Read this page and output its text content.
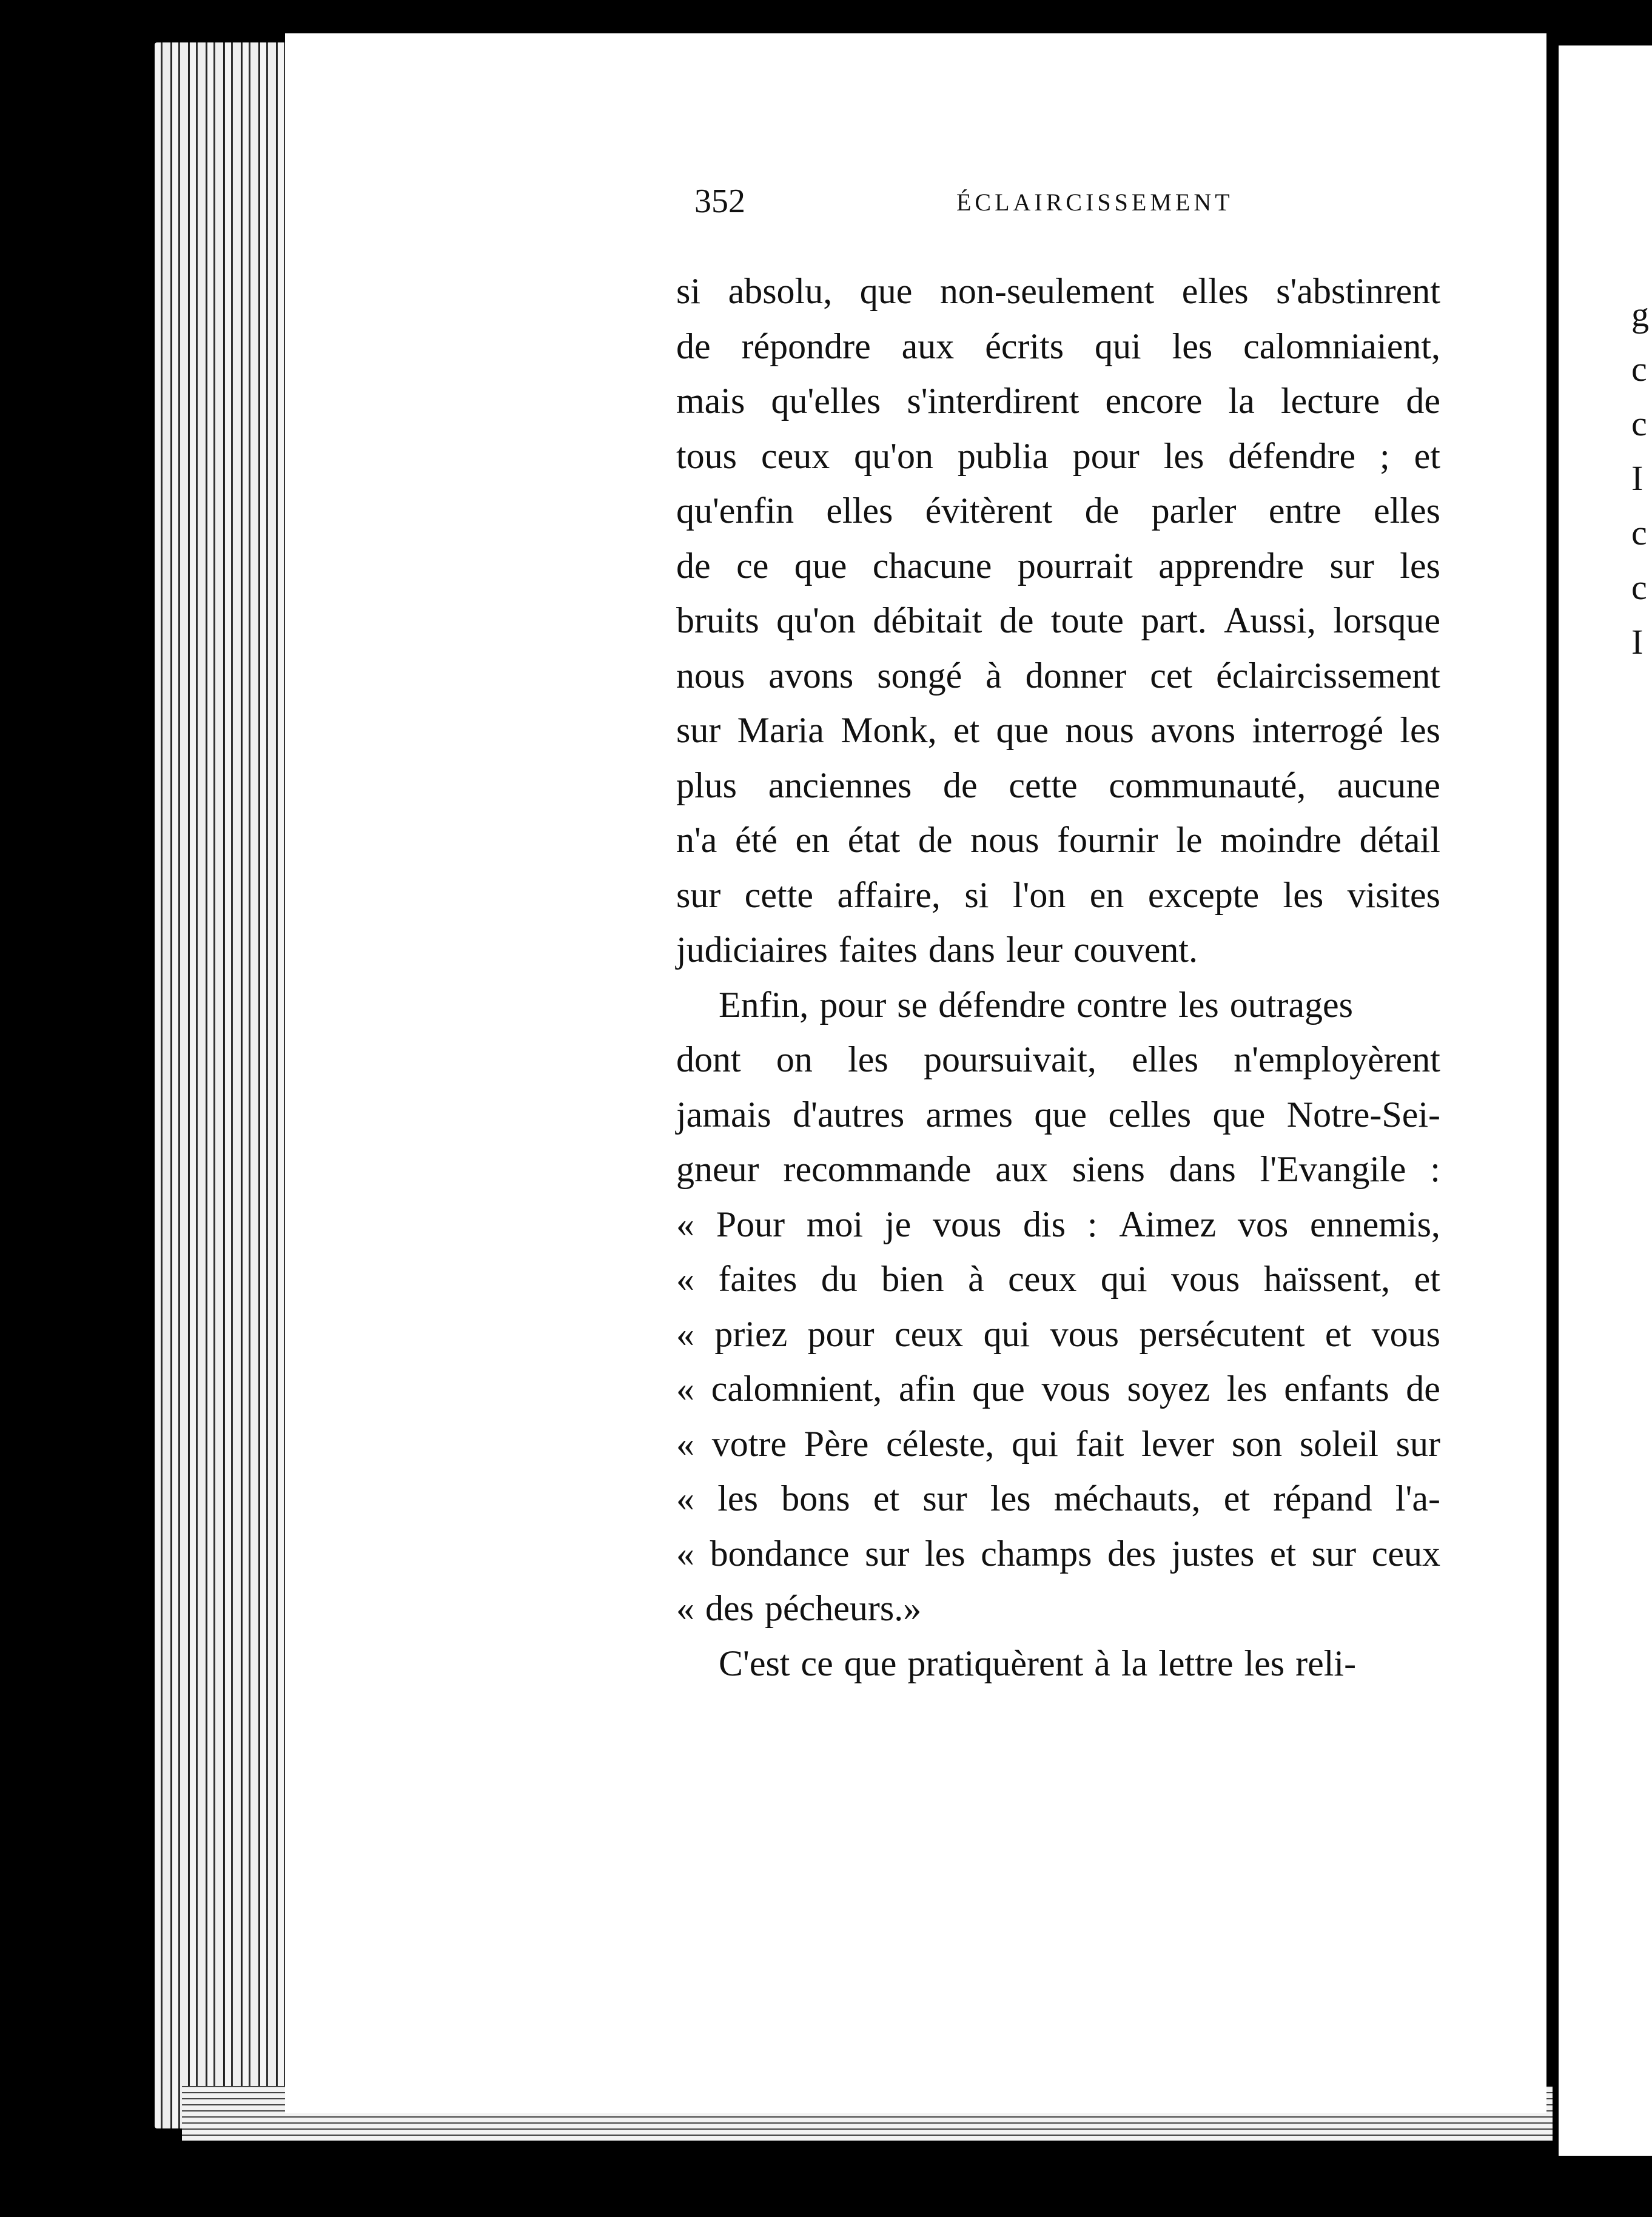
g
c
c
I
c
c
I
352	ÉCLAIRCISSEMENT
si absolu, que non-seulement elles s'abstinrent
de répondre aux écrits qui les calomniaient,
mais qu'elles s'interdirent encore la lecture de
tous ceux qu'on publia pour les défendre ; et
qu'enfin elles évitèrent de parler entre elles
de ce que chacune pourrait apprendre sur les
bruits qu'on débitait de toute part. Aussi, lorsque
nous avons songé à donner cet éclaircissement
sur Maria Monk, et que nous avons interrogé les
plus anciennes de cette communauté, aucune
n'a été en état de nous fournir le moindre détail
sur cette affaire, si l'on en excepte les visites
judiciaires faites dans leur couvent.
Enfin, pour se défendre contre les outrages
dont on les poursuivait, elles n'employèrent
jamais d'autres armes que celles que Notre-Sei-
gneur recommande aux siens dans l'Evangile :
« Pour moi je vous dis : Aimez vos ennemis,
« faites du bien à ceux qui vous haïssent, et
« priez pour ceux qui vous persécutent et vous
« calomnient, afin que vous soyez les enfants de
« votre Père céleste, qui fait lever son soleil sur
« les bons et sur les méchauts, et répand l'a-
« bondance sur les champs des justes et sur ceux
« des pécheurs.»
C'est ce que pratiquèrent à la lettre les reli-
